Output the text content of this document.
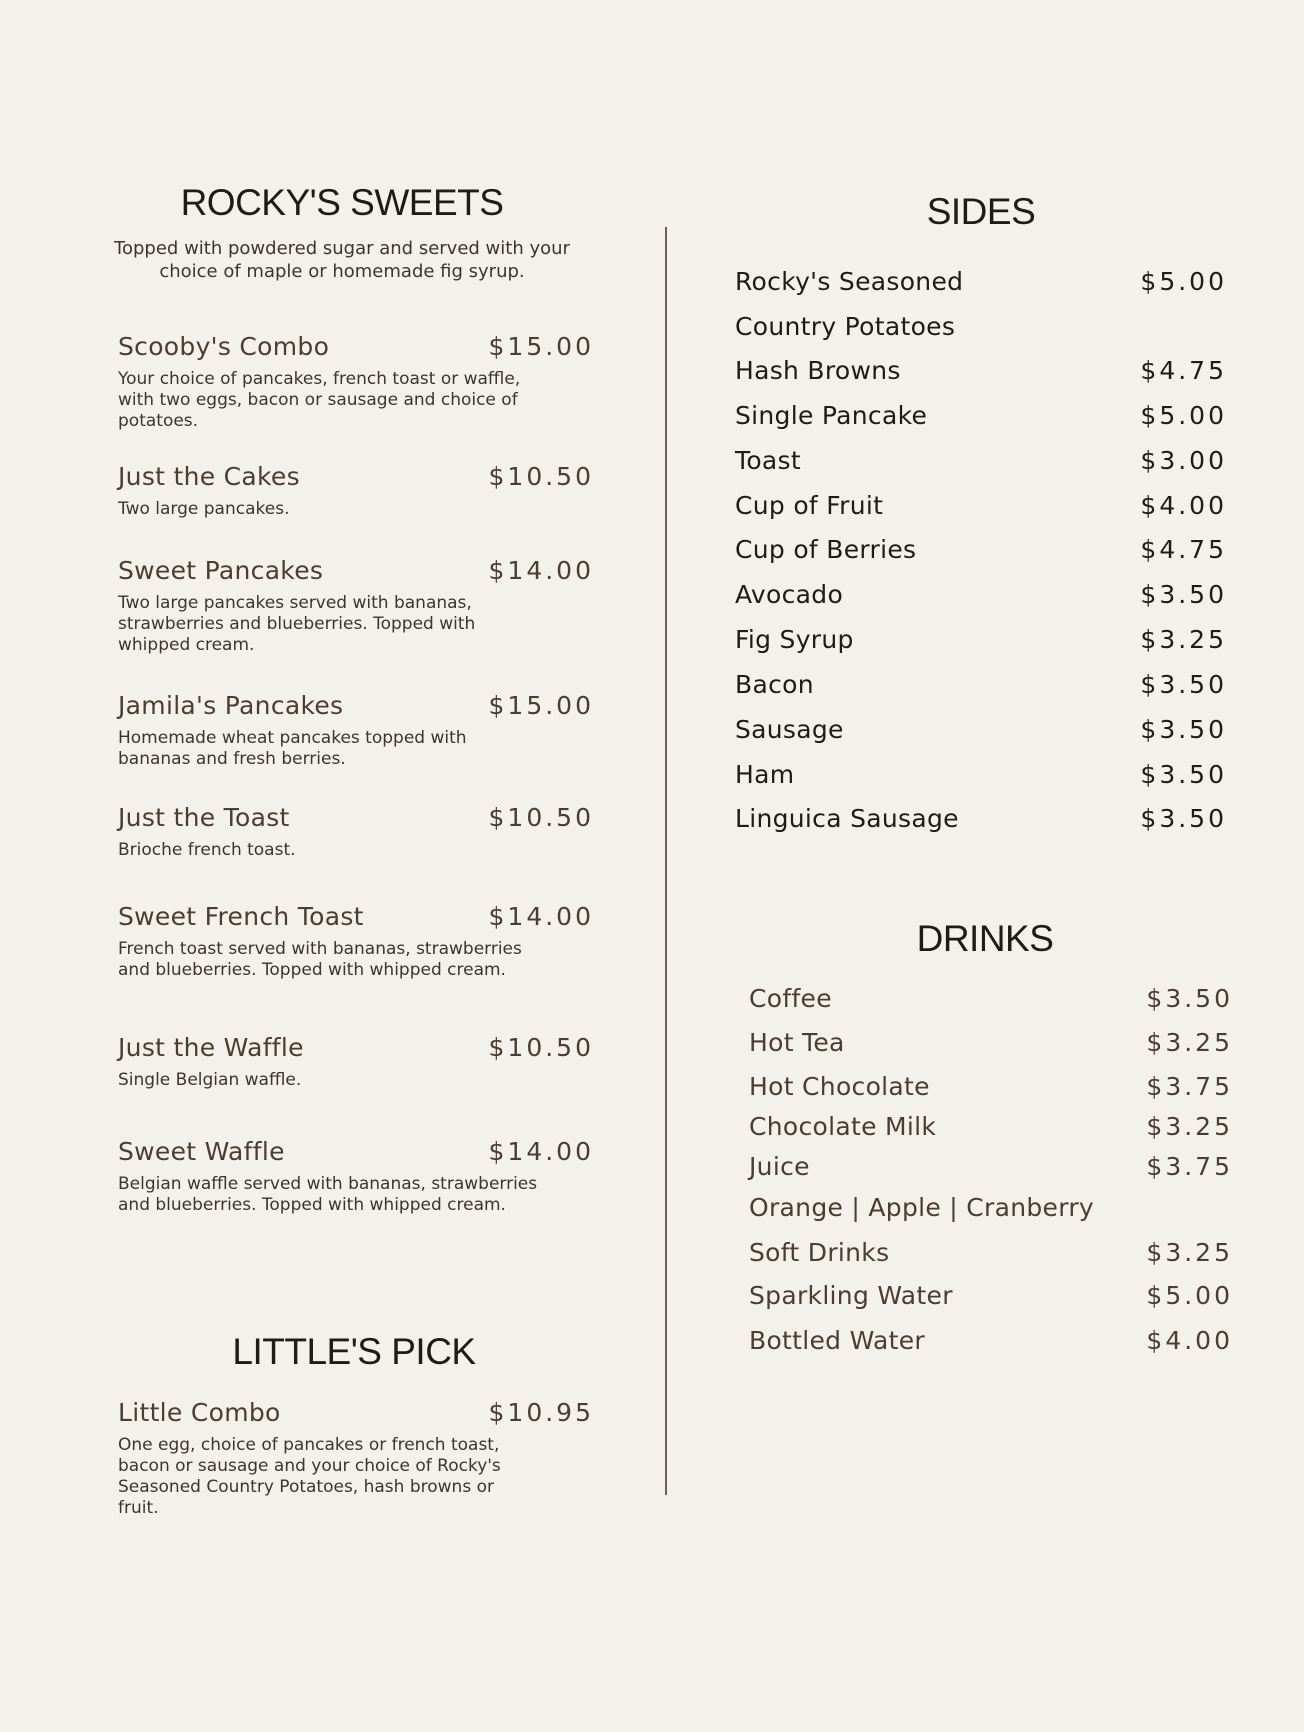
ROCKY'S SWEETS

Topped with powdered sugar and served with your choice of maple or homemade fig syrup.

Scooby's Combo	$15.00

Your choice of pancakes, french toast or waffle, with two eggs, bacon or sausage and choice of potatoes.

Just the Cakes	$10.50

Two large pancakes.

Sweet Pancakes	$14.00

Two large pancakes served with bananas, strawberries and blueberries. Topped with whipped cream.

Jamila's Pancakes	$15.00

Homemade wheat pancakes topped with bananas and fresh berries.

Just the Toast	$10.50

Brioche french toast.

Sweet French Toast	$14.00

French toast served with bananas, strawberries and blueberries. Topped with whipped cream.

Just the Waffle	$10.50

Single Belgian waffle.

Sweet Waffle	$14.00

Belgian waffle served with bananas, strawberries and blueberries. Topped with whipped cream.

LITTLE'S PICK
Little Combo	$10.95

One egg, choice of pancakes or french toast, bacon or sausage and your choice of Rocky's Seasoned Country Potatoes, hash browns or fruit.

SIDES
Rocky's Seasoned	$5.00
Country Potatoes
Hash Browns	$4.75
Single Pancake	$5.00
Toast	$3.00
Cup of Fruit	$4.00
Cup of Berries	$4.75
Avocado	$3.50
Fig Syrup	$3.25
Bacon	$3.50
Sausage	$3.50
Ham	$3.50
Linguica Sausage	$3.50
DRINKS
Coffee	$3.50
Hot Tea	$3.25
Hot Chocolate	$3.75
Chocolate Milk	$3.25
Juice	$3.75
Orange | Apple | Cranberry
Soft Drinks	$3.25
Sparkling Water	$5.00
Bottled Water	$4.00
